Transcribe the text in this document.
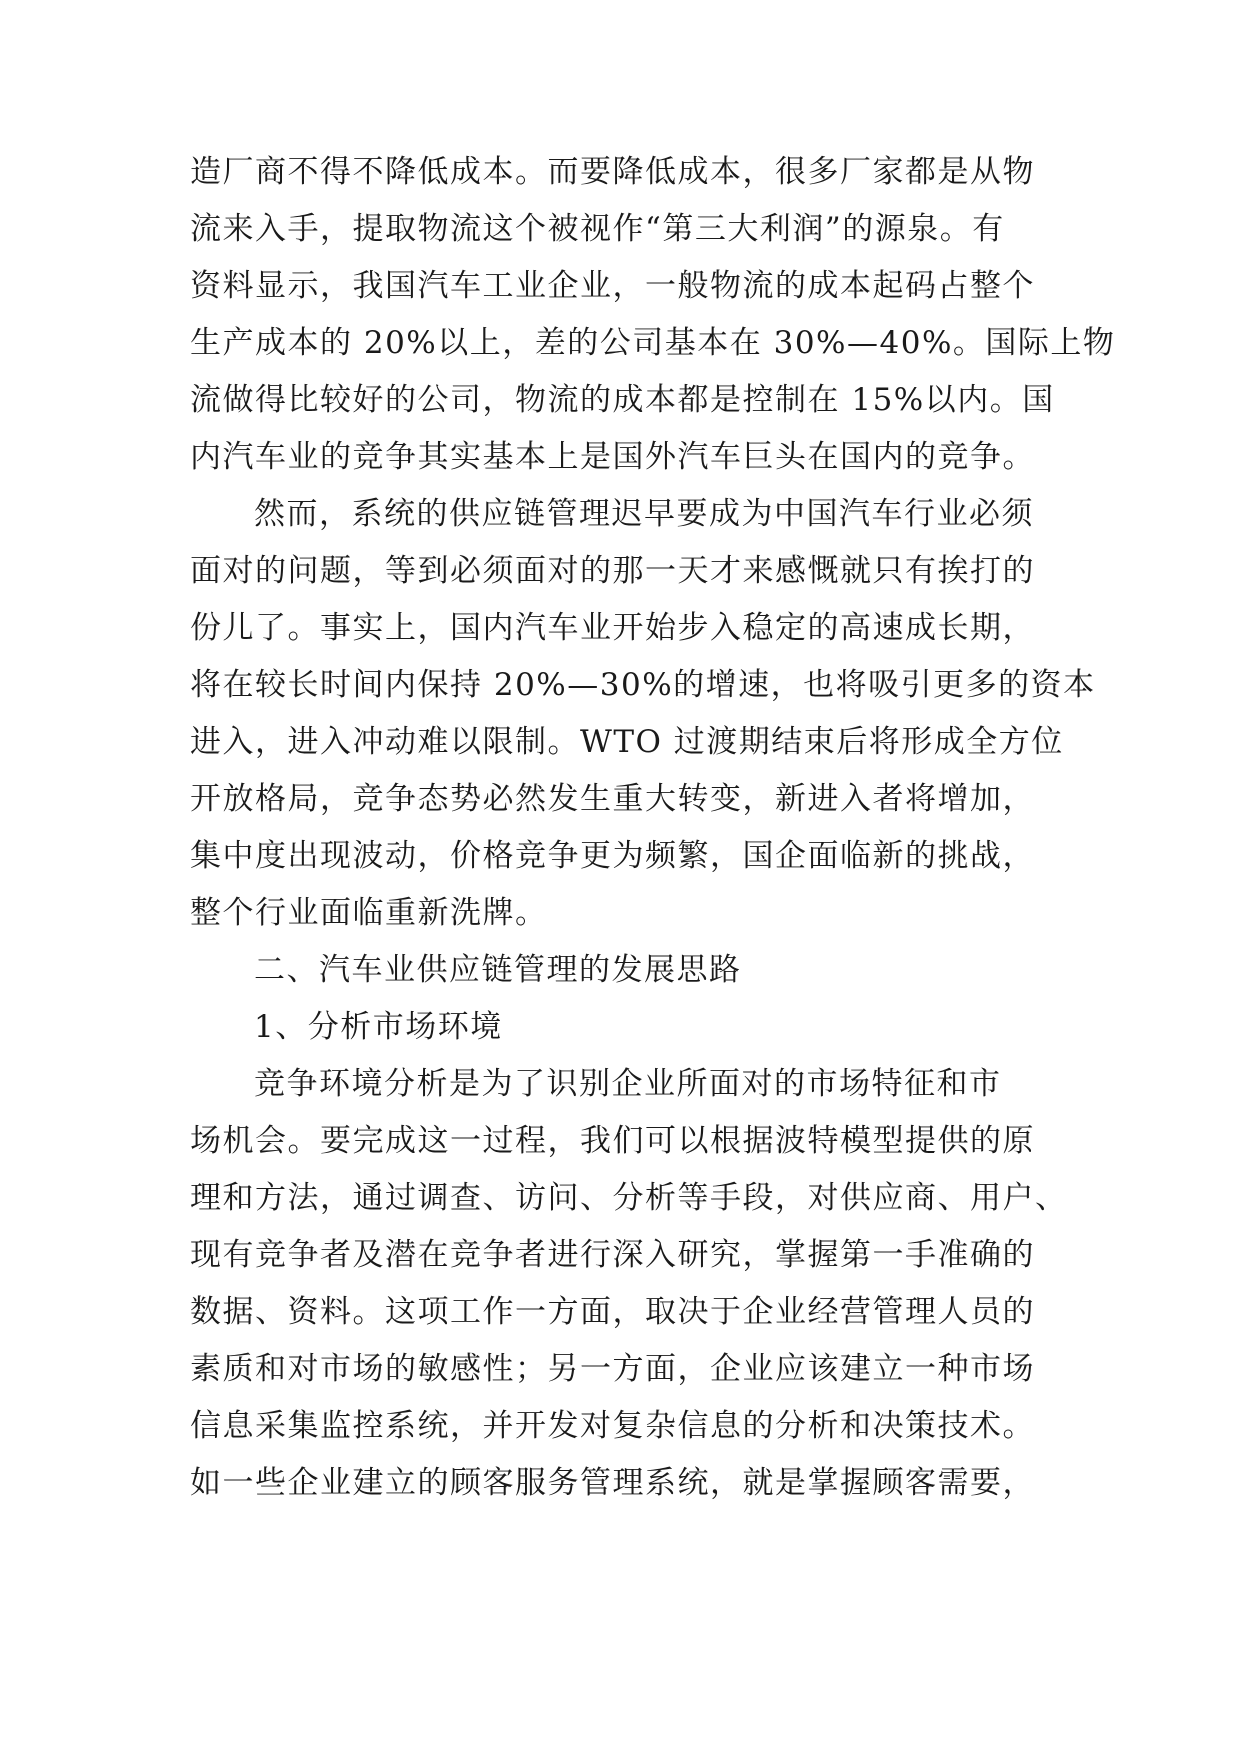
造厂商不得不降低成本。而要降低成本，很多厂家都是从物
流来入手，提取物流这个被视作“第三大利润”的源泉。有
资料显示，我国汽车工业企业，一般物流的成本起码占整个
生产成本的 20%以上，差的公司基本在 30%—40%。国际上物
流做得比较好的公司，物流的成本都是控制在 15%以内。国
内汽车业的竞争其实基本上是国外汽车巨头在国内的竞争。
然而，系统的供应链管理迟早要成为中国汽车行业必须
面对的问题，等到必须面对的那一天才来感慨就只有挨打的
份儿了。事实上，国内汽车业开始步入稳定的高速成长期，
将在较长时间内保持 20%—30%的增速，也将吸引更多的资本
进入，进入冲动难以限制。WTO 过渡期结束后将形成全方位
开放格局，竞争态势必然发生重大转变，新进入者将增加，
集中度出现波动，价格竞争更为频繁，国企面临新的挑战，
整个行业面临重新洗牌。
二、汽车业供应链管理的发展思路
1、分析市场环境
竞争环境分析是为了识别企业所面对的市场特征和市
场机会。要完成这一过程，我们可以根据波特模型提供的原
理和方法，通过调查、访问、分析等手段，对供应商、用户、
现有竞争者及潜在竞争者进行深入研究，掌握第一手准确的
数据、资料。这项工作一方面，取决于企业经营管理人员的
素质和对市场的敏感性；另一方面，企业应该建立一种市场
信息采集监控系统，并开发对复杂信息的分析和决策技术。
如一些企业建立的顾客服务管理系统，就是掌握顾客需要，
